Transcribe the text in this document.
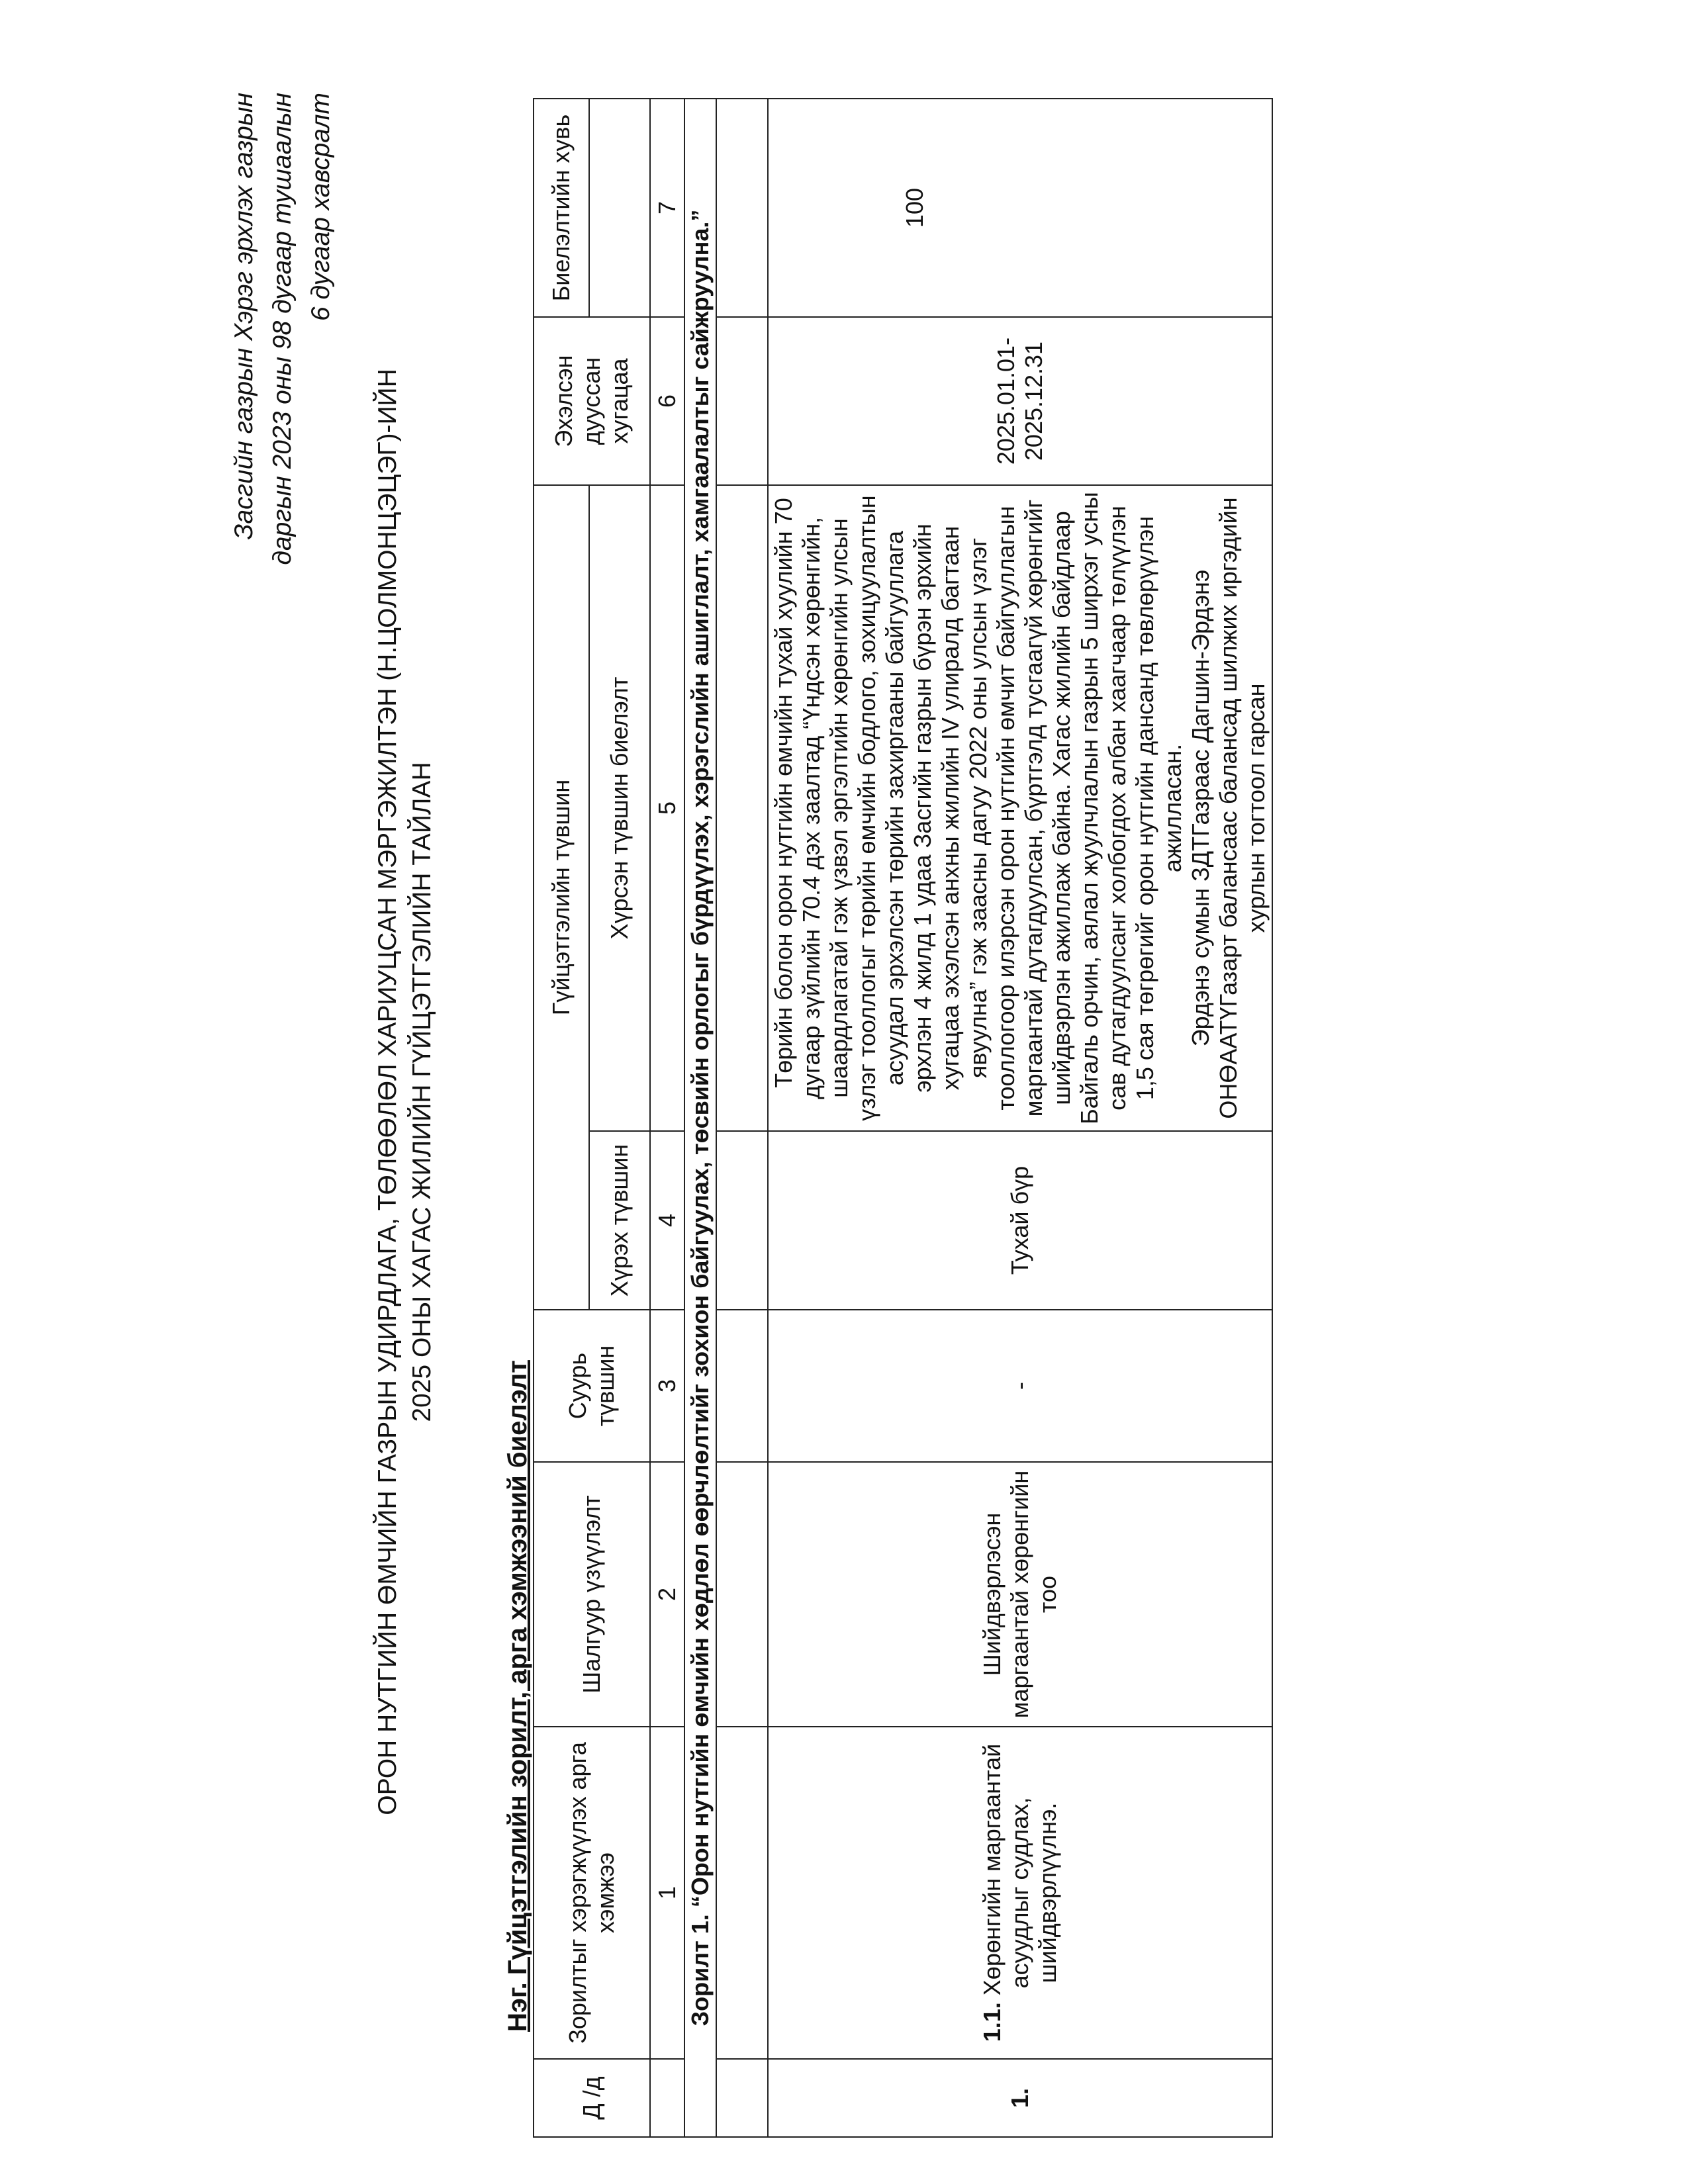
Засгийн газрын Хэрэг эрхлэх газрын даргын 2023 оны 98 дугаар тушаалын 6 дугаар хавсралт
ОРОН НУТГИЙН ӨМЧИЙН ГАЗРЫН УДИРДЛАГА, ТӨЛӨӨЛӨЛ ХАРИУЦСАН МЭРГЭЖИЛТЭН (Н.ЦОЛМОНЦЭЦЭГ)-ИЙН 2025 ОНЫ ХАГАС ЖИЛИЙН ГҮЙЦЭТГЭЛИЙН ТАЙЛАН
Нэг. Гүйцэтгэлийн зорилт, арга хэмжээний биелэлт
Д /д	Зорилтыг хэрэгжүүлэх арга хэмжээ	Шалгуур үзүүлэлт	Суурь түвшин	Гүйцэтгэлийн түвшин		Эхэлсэн дууссан хугацаа	Биелэлтийн хувь
				Хүрэх түвшин	Хүрсэн түвшин биелэлт		
	1	2	3	4	5	6	7
Зорилт 1. “Орон нутгийн өмчийн хөдлөл өөрчлөлтийг зохион байгуулах, төсвийн орлогыг бүрдүүлэх, хэрэгслийн ашиглалт, хамгаалалтыг сайжруулна.”							

1.	1.1. Хөрөнгийн маргаантай асуудлыг судлах, шийдвэрлүүлнэ.	Шийдвэрлэсэн маргаантай хөрөнгийн тоо	-	Тухай бүр	Төрийн болон орон нутгийн өмчийн тухай хуулийн 70 дугаар зүйлийн 70.4 дэх заалтад “Үндсэн хөрөнгийн, шаардлагатай гэж үзвэл эргэлтийн хөрөнгийн улсын үзлэг тооллогыг төрийн өмчийн бодлого, зохицуулалтын асуудал эрхэлсэн төрийн захиргааны байгууллага эрхлэн 4 жилд 1 удаа Засгийн газрын бүрэн эрхийн хугацаа эхэлсэн анхны жилийн IV улиралд багтаан явуулна” гэж заасны дагуу 2022 оны улсын үзлэг тооллогоор илэрсэн орон нутгийн өмчит байгууллагын маргаантай дутагдуулсан, бүртгэлд тусгаагүй хөрөнгийг шийдвэрлэн ажиллаж байна. Хагас жилийн байдлаар Байгаль орчин, аялал жуулчлалын газрын 5 ширхэг усны сав дутагдуулсанг холбогдох албан хаагчаар төлүүлэн 1,5 сая төгрөгийг орон нутгийн дансанд төвлөрүүлэн ажилласан. Эрдэнэ сумын ЗДТГазраас Дагшин-Эрдэнэ ОНӨААТҮГазарт балансаас балансад шилжих иргэдийн хурлын тогтоол гарсан	2025.01.01-2025.12.31	100
